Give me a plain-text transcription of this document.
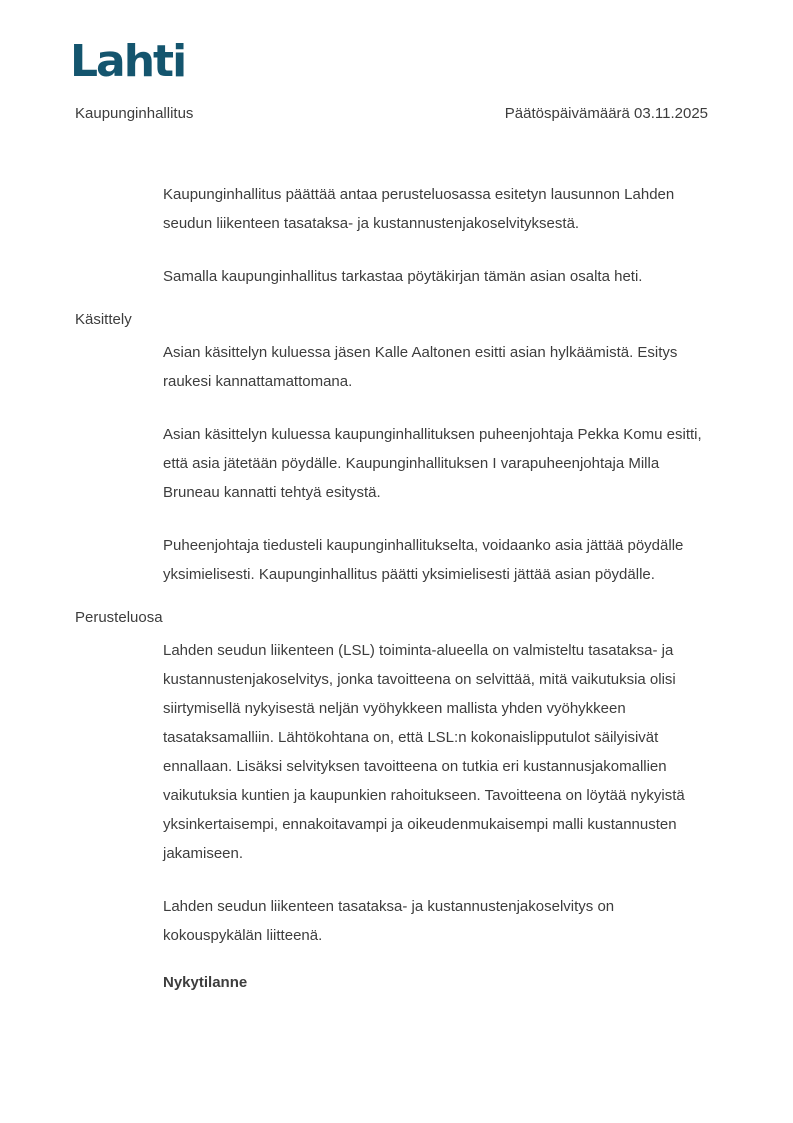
Lahti
Kaupunginhallitus	Päätöspäivämäärä 03.11.2025

Kaupunginhallitus päättää antaa perusteluosassa esitetyn lausunnon Lahden seudun liikenteen tasataksa- ja kustannustenjakoselvityksestä.

Samalla kaupunginhallitus tarkastaa pöytäkirjan tämän asian osalta heti.

Käsittely

Asian käsittelyn kuluessa jäsen Kalle Aaltonen esitti asian hylkäämistä. Esitys raukesi kannattamattomana.

Asian käsittelyn kuluessa kaupunginhallituksen puheenjohtaja Pekka Komu esitti, että asia jätetään pöydälle. Kaupunginhallituksen I varapuheenjohtaja Milla Bruneau kannatti tehtyä esitystä.

Puheenjohtaja tiedusteli kaupunginhallitukselta, voidaanko asia jättää pöydälle yksimielisesti. Kaupunginhallitus päätti yksimielisesti jättää asian pöydälle.

Perusteluosa

Lahden seudun liikenteen (LSL) toiminta-alueella on valmisteltu tasataksa- ja kustannustenjakoselvitys, jonka tavoitteena on selvittää, mitä vaikutuksia olisi siirtymisellä nykyisestä neljän vyöhykkeen mallista yhden vyöhykkeen tasataksamalliin. Lähtökohtana on, että LSL:n kokonaislipputulot säilyisivät ennallaan. Lisäksi selvityksen tavoitteena on tutkia eri kustannusjakomallien vaikutuksia kuntien ja kaupunkien rahoitukseen. Tavoitteena on löytää nykyistä yksinkertaisempi, ennakoitavampi ja oikeudenmukaisempi malli kustannusten jakamiseen.

Lahden seudun liikenteen tasataksa- ja kustannustenjakoselvitys on kokouspykälän liitteenä.

Nykytilanne
